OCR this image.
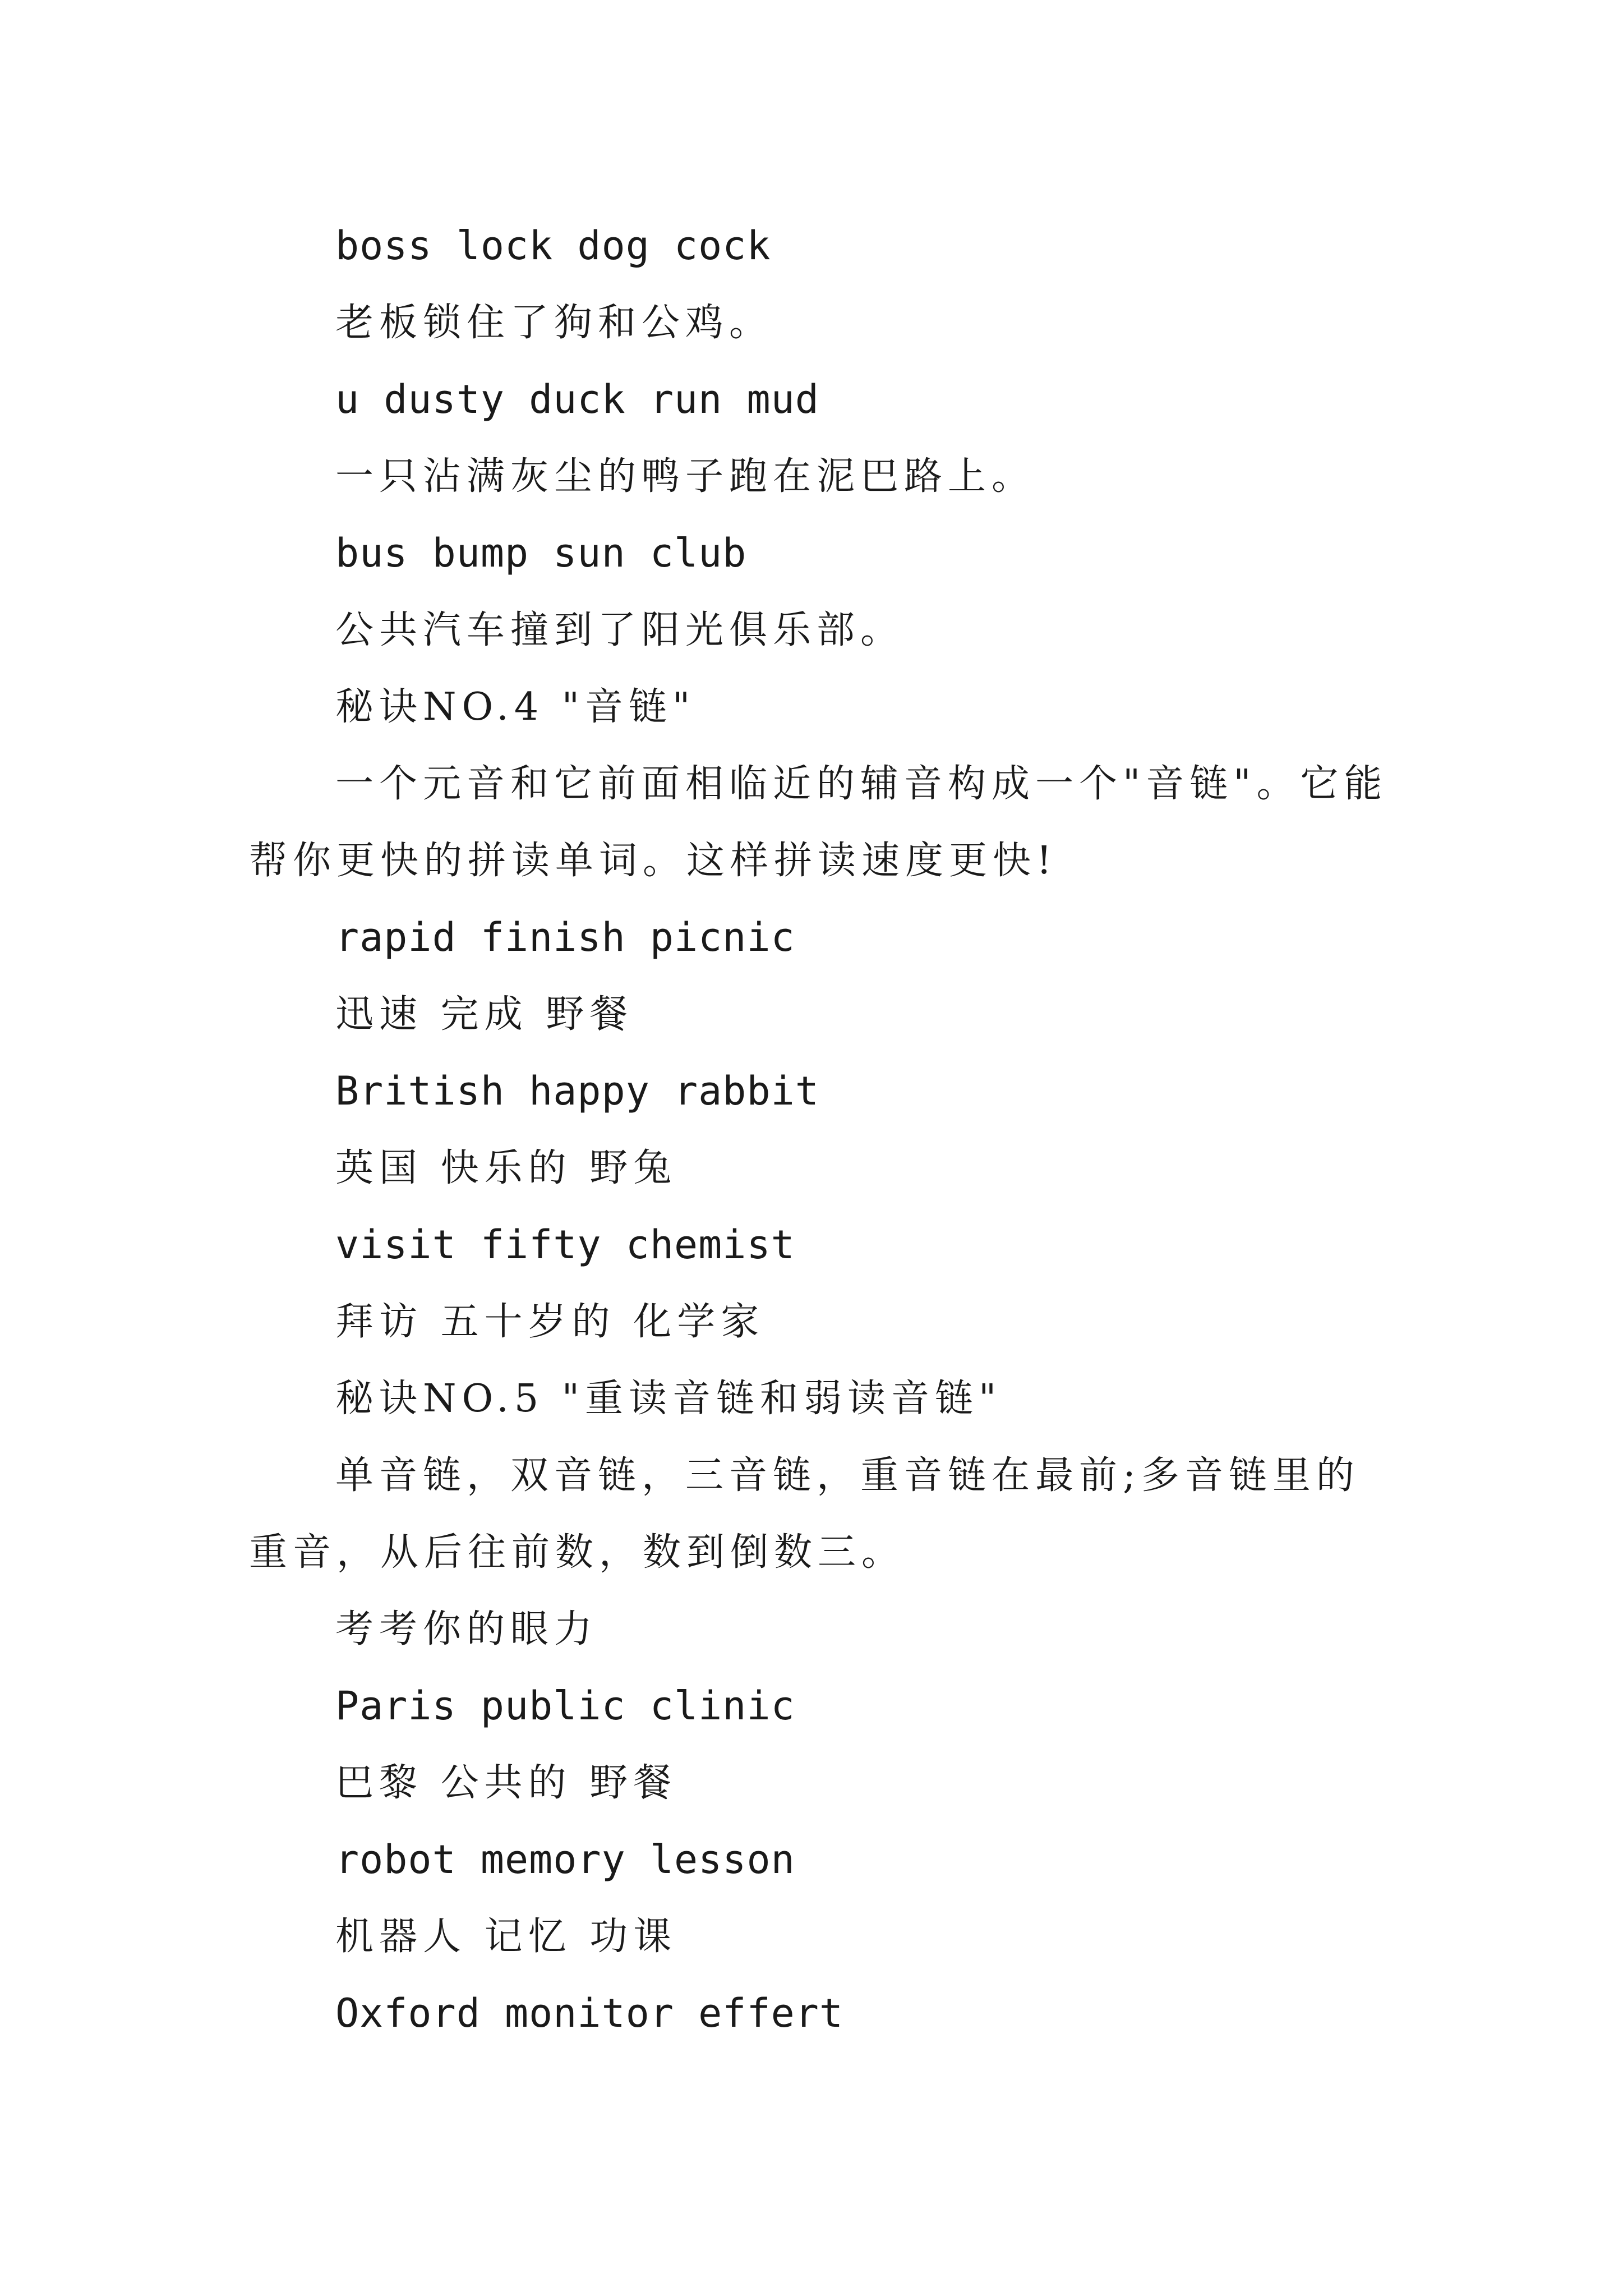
boss lock dog cock
老板锁住了狗和公鸡。
u dusty duck run mud
一只沾满灰尘的鸭子跑在泥巴路上。
bus bump sun club
公共汽车撞到了阳光俱乐部。
秘诀NO.4 "音链"
一个元音和它前面相临近的辅音构成一个"音链"。它能帮你更快的拼读单词。这样拼读速度更快!
rapid finish picnic
迅速 完成 野餐
British happy rabbit
英国 快乐的 野兔
visit fifty chemist
拜访 五十岁的 化学家
秘诀NO.5 "重读音链和弱读音链"
单音链，双音链，三音链，重音链在最前;多音链里的重音，从后往前数，数到倒数三。
考考你的眼力
Paris public clinic
巴黎 公共的 野餐
robot memory lesson
机器人 记忆 功课
Oxford monitor effert
